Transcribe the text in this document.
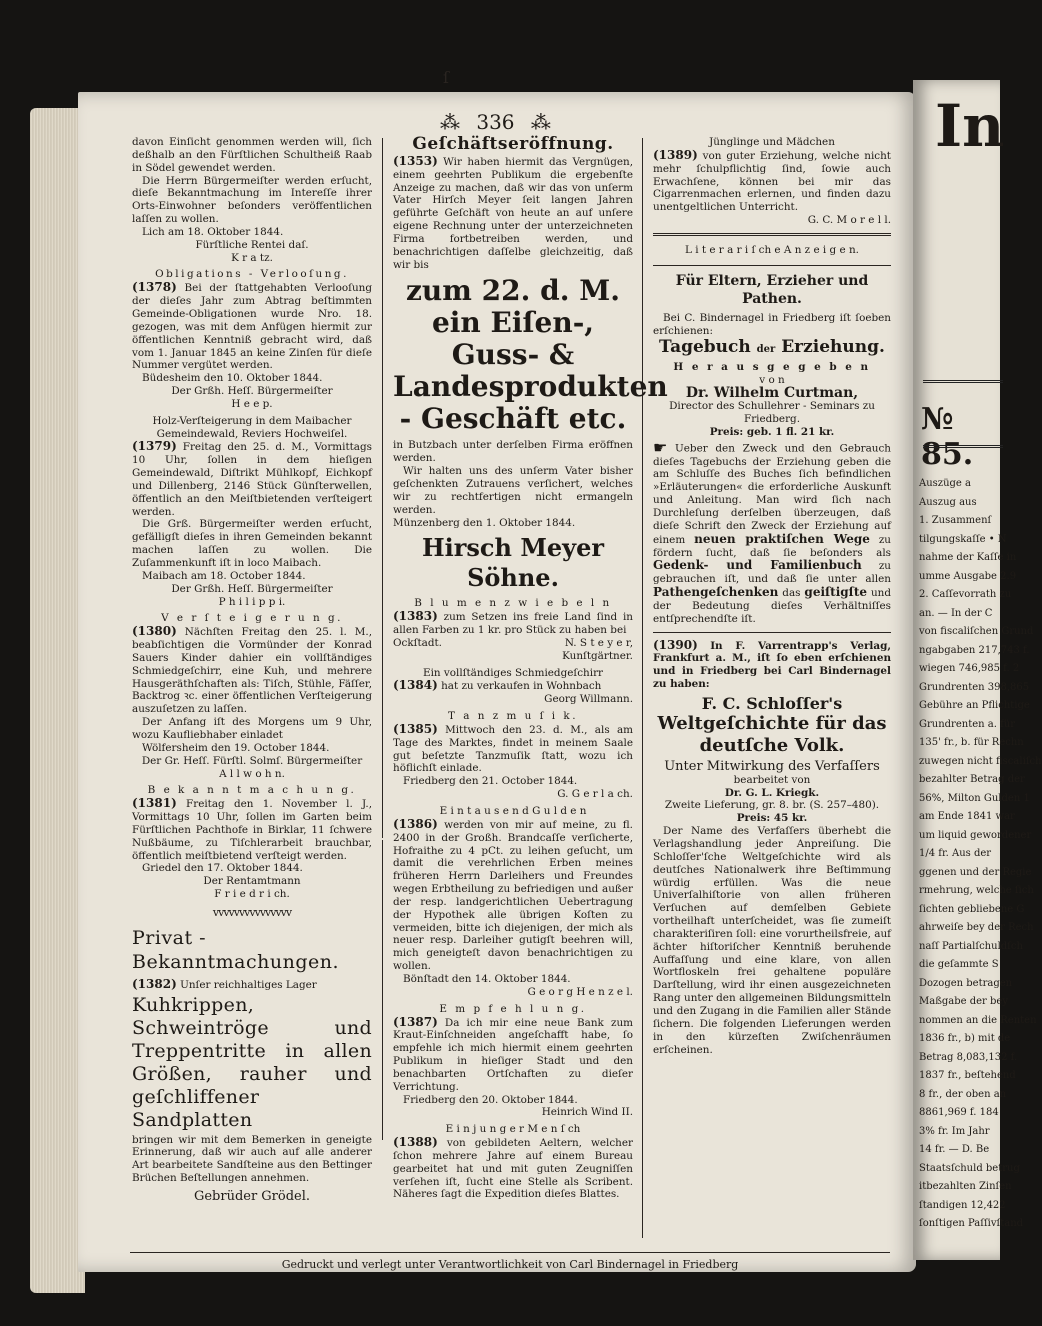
In
№ 85.
Auszüge a
Auszug aus
1. Zusammenſ
tilgungskaſſe • N
nahme der Kaſſe in
umme Ausgabe 2.9
2. Caſſevorrath zu
an. — In der C
von fiscaliſchen Grund
ngabgaben 217,743 f.
wiegen 746,985 f. 2
Grundrenten 398,865
Gebühre an Pflichtige
Grundrenten a. für
135' fr., b. für Rechn
zuwegen nicht fiscaliſch
bezahlter Betrag der
56%, Milton Gulden 1
am Ende 1841 war
um liquid gewordener
1/4 fr. Aus der
ggenen und der Regie
rmehrung, welche ſich
ſichten gebliebene G
ahrweiſe bey der Rech
naſſ Partialſchuldſch
die geſammte S
Dozogen betragen
Maßgabe der bey
nommen an die Renten
1836 fr., b) mit de
Betrag 8,083,132 f.
1837 fr., beſtehend
8 fr., der oben an
8861,969 f. 184
3% fr. Im Jahr
14 fr. — D. Be
Staatsſchuld betrug
itbezahlten Zinſen
ſtandigen 12,422
ſonſtigen Paſſivſtand
ſ
⁂ 336 ⁂

davon Einſicht genommen werden will, ſich deßhalb an den Fürſtlichen Schultheiß Raab in Södel gewendet werden.

Die Herrn Bürgermeiſter werden erſucht, dieſe Bekanntmachung im Intereſſe ihrer Orts-Einwohner beſonders veröffentlichen laſſen zu wollen.

Lich am 18. Oktober 1844.

Fürſtliche Rentei daſ.

K r a tz.

Obligations - Verlooſung.

(1378) Bei der ſtattgehabten Verlooſung der dieſes Jahr zum Abtrag beſtimmten Gemeinde-Obligationen wurde Nro. 18. gezogen, was mit dem Anfügen hiermit zur öffentlichen Kenntniß gebracht wird, daß vom 1. Januar 1845 an keine Zinſen für dieſe Nummer vergütet werden.

Büdesheim den 10. Oktober 1844.

Der Grßh. Heſſ. Bürgermeiſter

H e e p.

Holz-Verſteigerung in dem Maibacher Gemeindewald, Reviers Hochweiſel.

(1379) Freitag den 25. d. M., Vormittags 10 Uhr, ſollen in dem hieſigen Gemeindewald, Diſtrikt Mühlkopf, Eichkopf und Dillenberg, 2146 Stück Günſterwellen, öffentlich an den Meiſtbietenden verſteigert werden.

Die Grß. Bürgermeiſter werden erſucht, gefälligſt dieſes in ihren Gemeinden bekannt machen laſſen zu wollen. Die Zuſammenkunft iſt in loco Maibach.

Maibach am 18. October 1844.

Der Grßh. Heſſ. Bürgermeiſter

P h i l i p p i.

V e r ſ t e i g e r u n g.

(1380) Nächſten Freitag den 25. l. M., beabſichtigen die Vormünder der Konrad Sauers Kinder dahier ein vollſtändiges Schmiedgeſchirr, eine Kuh, und mehrere Hausgeräthſchaften als: Tiſch, Stühle, Fäſſer, Backtrog ꝛc. einer öffentlichen Verſteigerung auszuſetzen zu laſſen.

Der Anfang iſt des Morgens um 9 Uhr, wozu Kaufliebhaber einladet

Wölfersheim den 19. October 1844.

Der Gr. Heſſ. Fürſtl. Solmſ. Bürgermeiſter

A l l w o h n.

B e k a n n t m a c h u n g.

(1381) Freitag den 1. November l. J., Vormittags 10 Uhr, ſollen im Garten beim Fürſtlichen Pachthofe in Birklar, 11 ſchwere Nußbäume, zu Tiſchlerarbeit brauchbar, öffentlich meiſtbietend verſteigt werden.

Griedel den 17. Oktober 1844.

Der Rentamtmann

F r i e d r i ch.

vvvvvvvvvvvvvvv

Privat - Bekanntmachungen.

(1382) Unſer reichhaltiges Lager

Kuhkrippen, Schweintröge und Treppentritte in allen Größen, rauher und geſchliffener Sandplatten

bringen wir mit dem Bemerken in geneigte Erinnerung, daß wir auch auf alle anderer Art bearbeitete Sandſteine aus den Bettinger Brüchen Beſtellungen annehmen.

Gebrüder Grödel.

Geſchäftseröffnung.

(1353) Wir haben hiermit das Vergnügen, einem geehrten Publikum die ergebenſte Anzeige zu machen, daß wir das von unſerm Vater Hirſch Meyer ſeit langen Jahren geführte Geſchäft von heute an auf unſere eigene Rechnung unter der unterzeichneten Firma fortbetreiben werden, und benachrichtigen daſſelbe gleichzeitig, daß wir bis

zum 22. d. M. ein Eiſen-, Guss- & Landesprodukten - Geschäft etc.

in Butzbach unter derſelben Firma eröffnen werden.

Wir halten uns des unſerm Vater bisher geſchenkten Zutrauens verſichert, welches wir zu rechtfertigen nicht ermangeln werden.

Münzenberg den 1. Oktober 1844.

Hirsch Meyer Söhne.

B l u m e n z w i e b e l n

(1383) zum Setzen ins freie Land ſind in allen Farben zu 1 kr. pro Stück zu haben bei

Ockſtadt.	N. S t e y e r,

Kunſtgärtner.

Ein vollſtändiges Schmiedgeſchirr

(1384) hat zu verkaufen in Wohnbach

Georg Willmann.

T a n z m u ſ i k.

(1385) Mittwoch den 23. d. M., als am Tage des Marktes, findet in meinem Saale gut beſetzte Tanzmuſik ſtatt, wozu ich höflichſt einlade.

Friedberg den 21. October 1844.

G. G e r l a ch.

E i n t a u s e n d G u l d e n

(1386) werden von mir auf meine, zu fl. 2400 in der Großh. Brandcaſſe verſicherte, Hofraithe zu 4 pCt. zu leihen geſucht, um damit die verehrlichen Erben meines früheren Herrn Darleihers und Freundes wegen Erbtheilung zu befriedigen und außer der resp. landgerichtlichen Uebertragung der Hypothek alle übrigen Koſten zu vermeiden, bitte ich diejenigen, der mich als neuer resp. Darleiher gutigſt beehren will, mich geneigteſt davon benachrichtigen zu wollen.

Bönſtadt den 14. Oktober 1844.

G e o r g H e n z e l.

E m p f e h l u n g.

(1387) Da ich mir eine neue Bank zum Kraut-Einſchneiden angeſchafft habe, ſo empfehle ich mich hiermit einem geehrten Publikum in hieſiger Stadt und den benachbarten Ortſchaften zu dieſer Verrichtung.

Friedberg den 20. Oktober 1844.

Heinrich Wind II.

E i n j u n g e r M e n ſ ch

(1388) von gebildeten Aeltern, welcher ſchon mehrere Jahre auf einem Bureau gearbeitet hat und mit guten Zeugniſſen verſehen iſt, ſucht eine Stelle als Scribent. Näheres ſagt die Expedition dieſes Blattes.

Jünglinge und Mädchen

(1389) von guter Erziehung, welche nicht mehr ſchulpflichtig ſind, ſowie auch Erwachſene, können bei mir das Cigarrenmachen erlernen, und finden dazu unentgeltlichen Unterricht.

G. C. M o r e l l.

L i t e r a r i ſ ch e A n z e i g e n.

Für Eltern, Erzieher und Pathen.

Bei C. Bindernagel in Friedberg iſt ſoeben erſchienen:

Tagebuch der Erziehung.

H e r a u s g e g e b e n

v o n

Dr. Wilhelm Curtman,

Director des Schullehrer - Seminars zu Friedberg.

Preis: geb. 1 fl. 21 kr.

☛ Ueber den Zweck und den Gebrauch dieſes Tagebuchs der Erziehung geben die am Schluſſe des Buches ſich befindlichen »Erläuterungen« die erforderliche Auskunft und Anleitung. Man wird ſich nach Durchleſung derſelben überzeugen, daß dieſe Schrift den Zweck der Erziehung auf einem neuen praktiſchen Wege zu fördern ſucht, daß ſie beſonders als Gedenk- und Familienbuch zu gebrauchen iſt, und daß ſie unter allen Pathengeſchenken das geiſtigſte und der Bedeutung dieſes Verhältniſſes entſprechendſte iſt.

(1390) In F. Varrentrapp's Verlag, Frankfurt a. M., iſt ſo eben erſchienen und in Friedberg bei Carl Bindernagel zu haben:

F. C. Schloſſer's

Weltgeſchichte für das deutſche Volk.

Unter Mitwirkung des Verfaſſers

bearbeitet von

Dr. G. L. Kriegk.

Zweite Lieferung, gr. 8. br. (S. 257–480).

Preis: 45 kr.

Der Name des Verfaſſers überhebt die Verlagshandlung jeder Anpreiſung. Die Schloſſer'ſche Weltgeſchichte wird als deutſches Nationalwerk ihre Beſtimmung würdig erfüllen. Was die neue Univerſalhiſtorie von allen früheren Verſuchen auf demſelben Gebiete vortheilhaft unterſcheidet, was ſie zumeiſt charakteriſiren ſoll: eine vorurtheilsfreie, auf ächter hiſtoriſcher Kenntniß beruhende Auffaſſung und eine klare, von allen Wortfloskeln frei gehaltene populäre Darſtellung, wird ihr einen ausgezeichneten Rang unter den allgemeinen Bildungsmitteln und den Zugang in die Familien aller Stände ſichern. Die folgenden Lieferungen werden in den kürzeſten Zwiſchenräumen erſcheinen.

Gedruckt und verlegt unter Verantwortlichkeit von Carl Bindernagel in Friedberg
